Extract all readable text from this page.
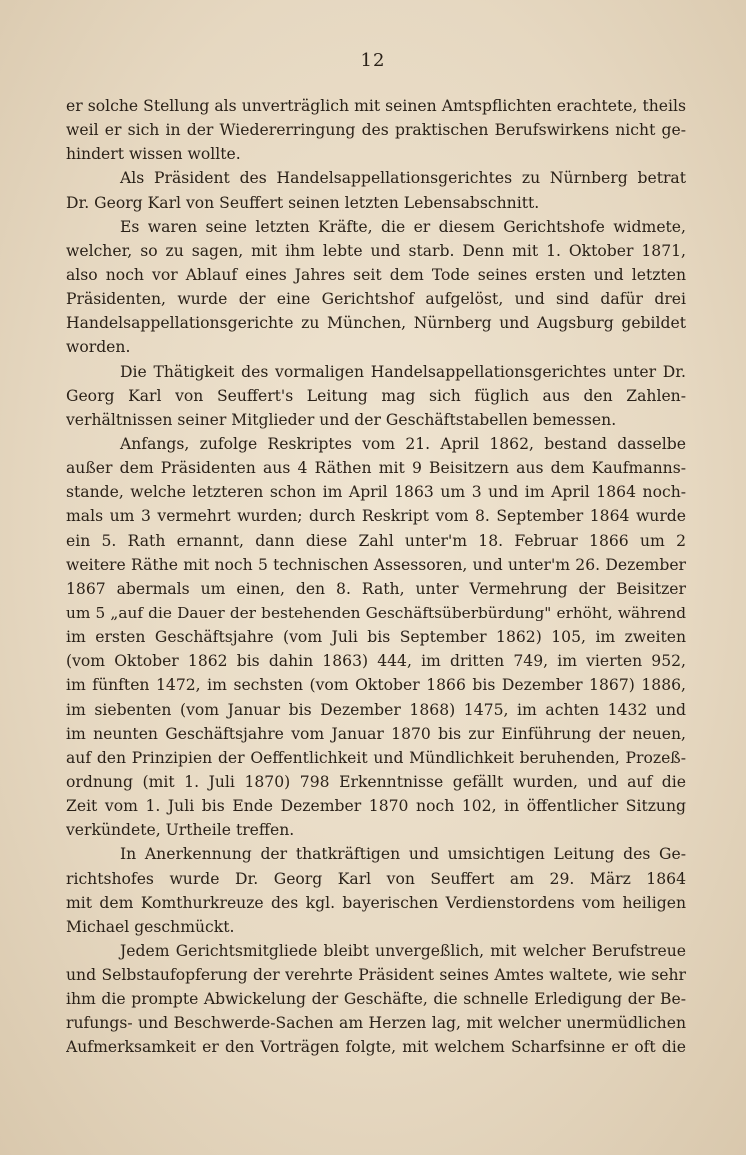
12
er solche Stellung als unverträglich mit seinen Amtspflichten erachtete, theils
weil er sich in der Wiedererringung des praktischen Berufswirkens nicht ge-
hindert wissen wollte.
Als Präsident des Handelsappellationsgerichtes zu Nürnberg betrat
Dr. Georg Karl von Seuffert seinen letzten Lebensabschnitt.
Es waren seine letzten Kräfte, die er diesem Gerichtshofe widmete,
welcher, so zu sagen, mit ihm lebte und starb. Denn mit 1. Oktober 1871,
also noch vor Ablauf eines Jahres seit dem Tode seines ersten und letzten
Präsidenten, wurde der eine Gerichtshof aufgelöst, und sind dafür drei
Handelsappellationsgerichte zu München, Nürnberg und Augsburg gebildet
worden.
Die Thätigkeit des vormaligen Handelsappellationsgerichtes unter Dr.
Georg Karl von Seuffert's Leitung mag sich füglich aus den Zahlen-
verhältnissen seiner Mitglieder und der Geschäftstabellen bemessen.
Anfangs, zufolge Reskriptes vom 21. April 1862, bestand dasselbe
außer dem Präsidenten aus 4 Räthen mit 9 Beisitzern aus dem Kaufmanns-
stande, welche letzteren schon im April 1863 um 3 und im April 1864 noch-
mals um 3 vermehrt wurden; durch Reskript vom 8. September 1864 wurde
ein 5. Rath ernannt, dann diese Zahl unter'm 18. Februar 1866 um 2
weitere Räthe mit noch 5 technischen Assessoren, und unter'm 26. Dezember
1867 abermals um einen, den 8. Rath, unter Vermehrung der Beisitzer
um 5 „auf die Dauer der bestehenden Geschäftsüberbürdung" erhöht, während
im ersten Geschäftsjahre (vom Juli bis September 1862) 105, im zweiten
(vom Oktober 1862 bis dahin 1863) 444, im dritten 749, im vierten 952,
im fünften 1472, im sechsten (vom Oktober 1866 bis Dezember 1867) 1886,
im siebenten (vom Januar bis Dezember 1868) 1475, im achten 1432 und
im neunten Geschäftsjahre vom Januar 1870 bis zur Einführung der neuen,
auf den Prinzipien der Oeffentlichkeit und Mündlichkeit beruhenden, Prozeß-
ordnung (mit 1. Juli 1870) 798 Erkenntnisse gefällt wurden, und auf die
Zeit vom 1. Juli bis Ende Dezember 1870 noch 102, in öffentlicher Sitzung
verkündete, Urtheile treffen.
In Anerkennung der thatkräftigen und umsichtigen Leitung des Ge-
richtshofes wurde Dr. Georg Karl von Seuffert am 29. März 1864
mit dem Komthurkreuze des kgl. bayerischen Verdienstordens vom heiligen
Michael geschmückt.
Jedem Gerichtsmitgliede bleibt unvergeßlich, mit welcher Berufstreue
und Selbstaufopferung der verehrte Präsident seines Amtes waltete, wie sehr
ihm die prompte Abwickelung der Geschäfte, die schnelle Erledigung der Be-
rufungs- und Beschwerde-Sachen am Herzen lag, mit welcher unermüdlichen
Aufmerksamkeit er den Vorträgen folgte, mit welchem Scharfsinne er oft die
